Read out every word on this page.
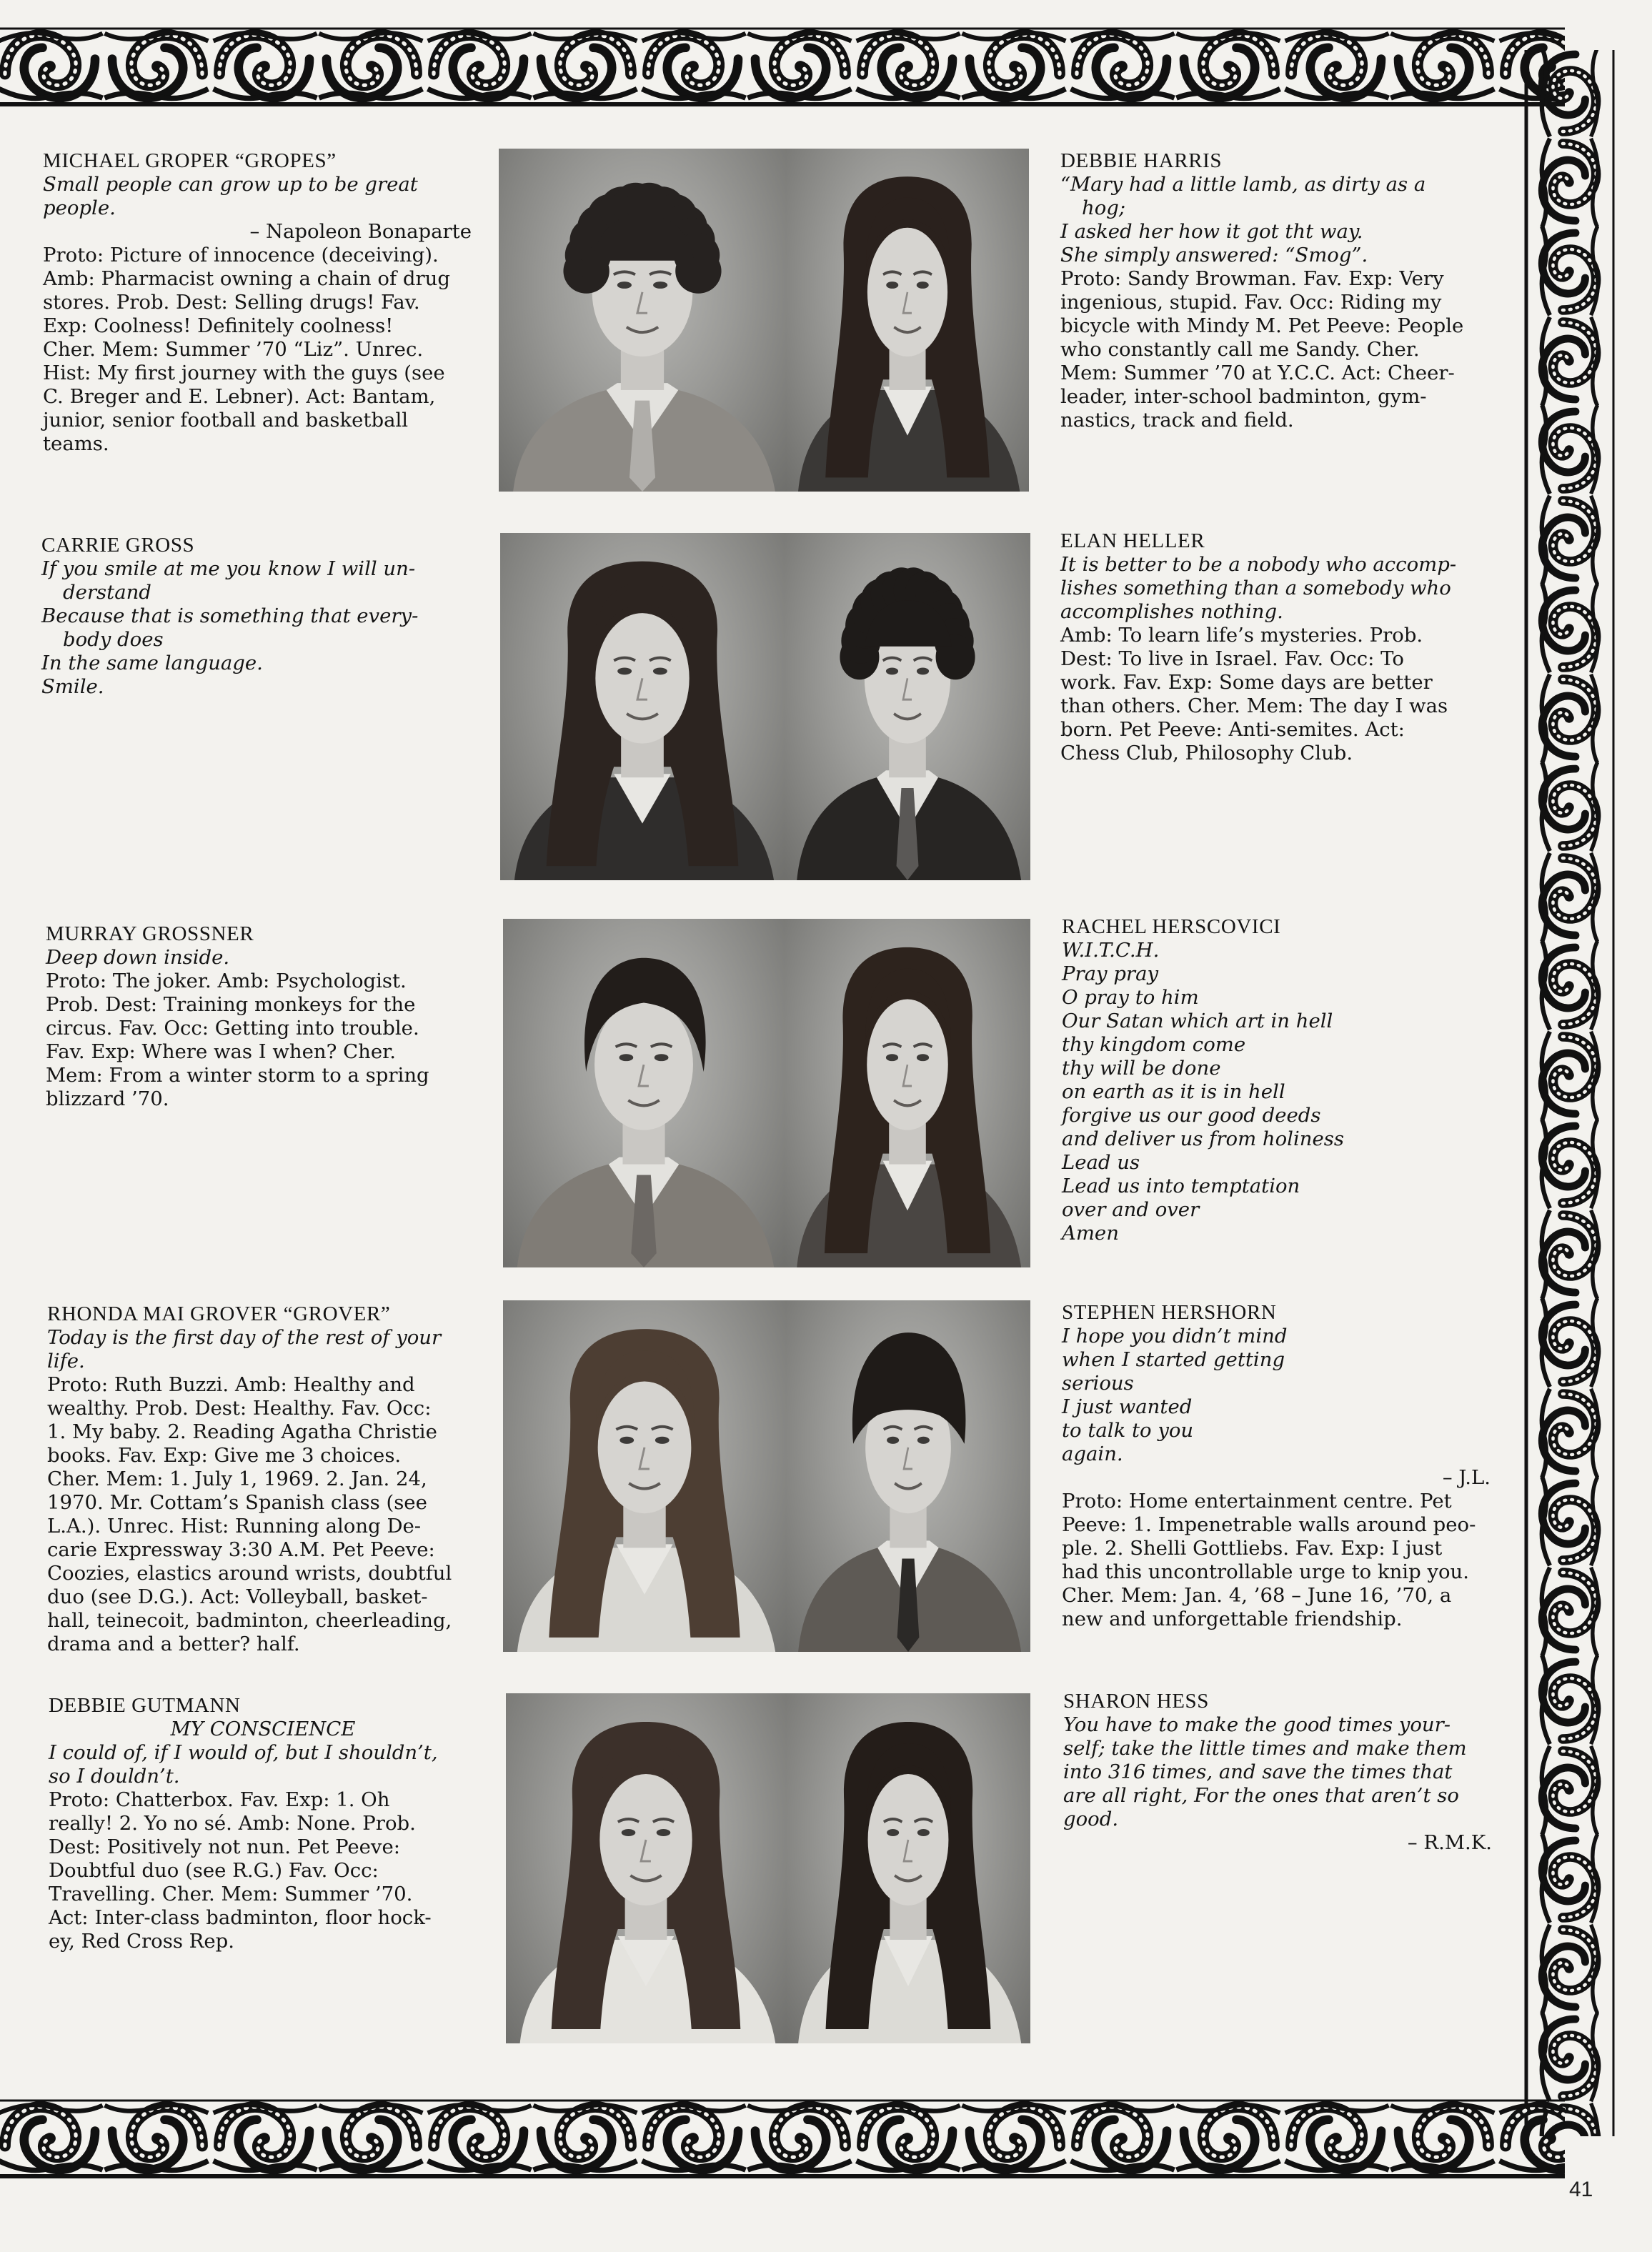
MICHAEL GROPER “GROPES”
Small people can grow up to be great
people.
– Napoleon Bonaparte
Proto: Picture of innocence (deceiving).
Amb: Pharmacist owning a chain of drug
stores. Prob. Dest: Selling drugs! Fav.
Exp: Coolness! Definitely coolness!
Cher. Mem: Summer ’70 “Liz”. Unrec.
Hist: My first journey with the guys (see
C. Breger and E. Lebner). Act: Bantam,
junior, senior football and basketball
teams.
DEBBIE HARRIS
“Mary had a little lamb, as dirty as a
hog;
I asked her how it got tht way.
She simply answered: “Smog”.
Proto: Sandy Browman. Fav. Exp: Very
ingenious, stupid. Fav. Occ: Riding my
bicycle with Mindy M. Pet Peeve: People
who constantly call me Sandy. Cher.
Mem: Summer ’70 at Y.C.C. Act: Cheer-
leader, inter-school badminton, gym-
nastics, track and field.
CARRIE GROSS
If you smile at me you know I will un-
derstand
Because that is something that every-
body does
In the same language.
Smile.
ELAN HELLER
It is better to be a nobody who accomp-
lishes something than a somebody who
accomplishes nothing.
Amb: To learn life’s mysteries. Prob.
Dest: To live in Israel. Fav. Occ: To
work. Fav. Exp: Some days are better
than others. Cher. Mem: The day I was
born. Pet Peeve: Anti-semites. Act:
Chess Club, Philosophy Club.
MURRAY GROSSNER
Deep down inside.
Proto: The joker. Amb: Psychologist.
Prob. Dest: Training monkeys for the
circus. Fav. Occ: Getting into trouble.
Fav. Exp: Where was I when? Cher.
Mem: From a winter storm to a spring
blizzard ’70.
RACHEL HERSCOVICI
W.I.T.C.H.
Pray pray
O pray to him
Our Satan which art in hell
thy kingdom come
thy will be done
on earth as it is in hell
forgive us our good deeds
and deliver us from holiness
Lead us
Lead us into temptation
over and over
Amen
RHONDA MAI GROVER “GROVER”
Today is the first day of the rest of your
life.
Proto: Ruth Buzzi. Amb: Healthy and
wealthy. Prob. Dest: Healthy. Fav. Occ:
1. My baby. 2. Reading Agatha Christie
books. Fav. Exp: Give me 3 choices.
Cher. Mem: 1. July 1, 1969. 2. Jan. 24,
1970. Mr. Cottam’s Spanish class (see
L.A.). Unrec. Hist: Running along De-
carie Expressway 3:30 A.M. Pet Peeve:
Coozies, elastics around wrists, doubtful
duo (see D.G.). Act: Volleyball, basket-
hall, teinecoit, badminton, cheerleading,
drama and a better? half.
STEPHEN HERSHORN
I hope you didn’t mind
when I started getting
serious
I just wanted
to talk to you
again.
– J.L.
Proto: Home entertainment centre. Pet
Peeve: 1. Impenetrable walls around peo-
ple. 2. Shelli Gottliebs. Fav. Exp: I just
had this uncontrollable urge to knip you.
Cher. Mem: Jan. 4, ’68 – June 16, ’70, a
new and unforgettable friendship.
DEBBIE GUTMANN
MY CONSCIENCE
I could of, if I would of, but I shouldn’t,
so I douldn’t.
Proto: Chatterbox. Fav. Exp: 1. Oh
really! 2. Yo no sé. Amb: None. Prob.
Dest: Positively not nun. Pet Peeve:
Doubtful duo (see R.G.) Fav. Occ:
Travelling. Cher. Mem: Summer ’70.
Act: Inter-class badminton, floor hock-
ey, Red Cross Rep.
SHARON HESS
You have to make the good times your-
self; take the little times and make them
into 316 times, and save the times that
are all right, For the ones that aren’t so
good.
– R.M.K.
41
